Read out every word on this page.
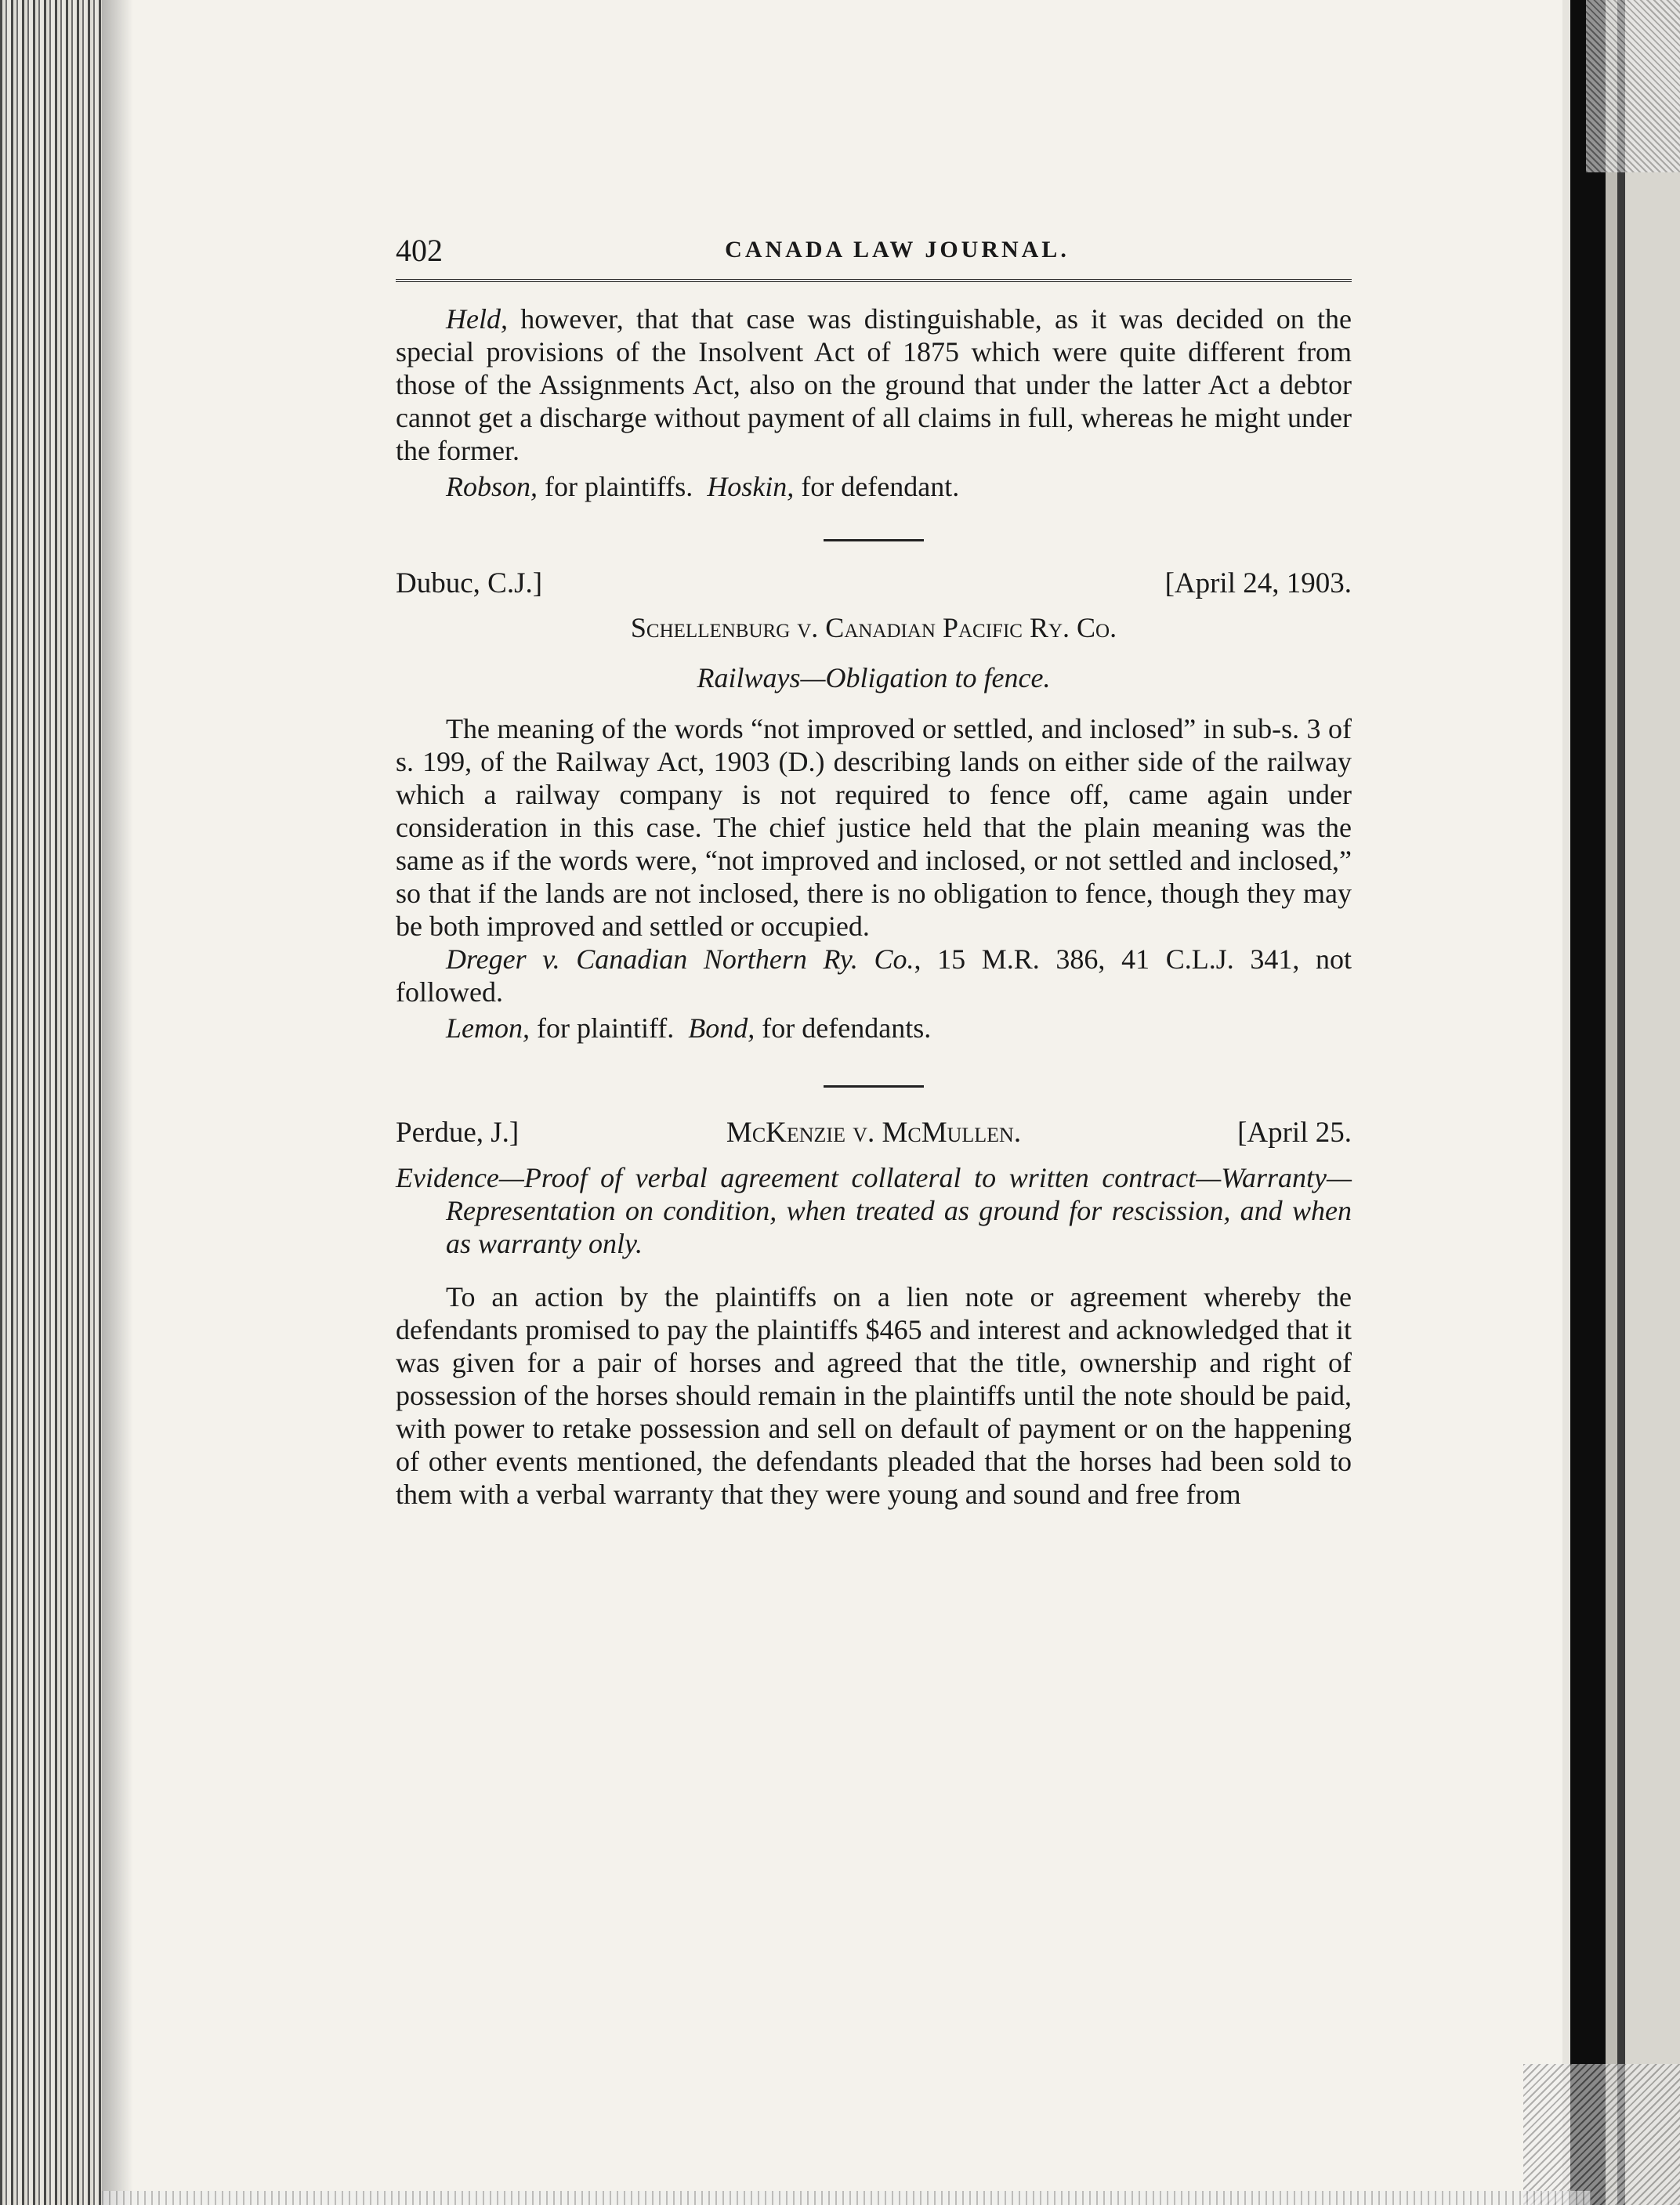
402	CANADA LAW JOURNAL.

Held, however, that that case was distinguishable, as it was decided on the special provisions of the Insolvent Act of 1875 which were quite different from those of the Assignments Act, also on the ground that under the latter Act a debtor cannot get a discharge without payment of all claims in full, whereas he might under the former.

Robson, for plaintiffs. Hoskin, for defendant.

Dubuc, C.J.]	[April 24, 1903.
Schellenburg v. Canadian Pacific Ry. Co.
Railways—Obligation to fence.

The meaning of the words “not improved or settled, and inclosed” in sub-s. 3 of s. 199, of the Railway Act, 1903 (D.) describing lands on either side of the railway which a railway company is not required to fence off, came again under consideration in this case. The chief justice held that the plain meaning was the same as if the words were, “not improved and inclosed, or not settled and inclosed,” so that if the lands are not inclosed, there is no obligation to fence, though they may be both improved and settled or occupied.

Dreger v. Canadian Northern Ry. Co., 15 M.R. 386, 41 C.L.J. 341, not followed.

Lemon, for plaintiff. Bond, for defendants.

Perdue, J.]	McKenzie v. McMullen.	[April 25.

Evidence—Proof of verbal agreement collateral to written contract—Warranty—Representation on condition, when treated as ground for rescission, and when as warranty only.

To an action by the plaintiffs on a lien note or agreement whereby the defendants promised to pay the plaintiffs $465 and interest and acknowledged that it was given for a pair of horses and agreed that the title, ownership and right of possession of the horses should remain in the plaintiffs until the note should be paid, with power to retake possession and sell on default of payment or on the happening of other events mentioned, the defendants pleaded that the horses had been sold to them with a verbal warranty that they were young and sound and free from
